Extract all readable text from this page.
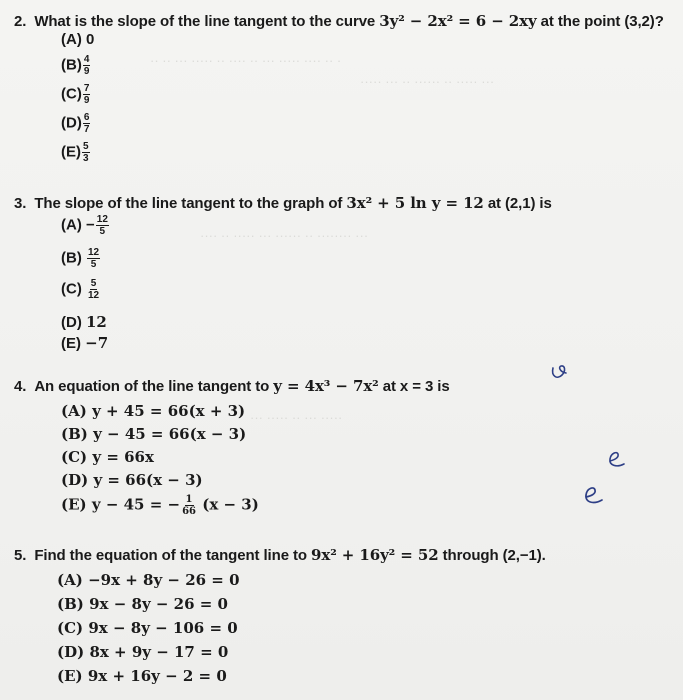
·· ·· ··· ····· ·· ···· ·· ··· ····· ···· ·· ·
····· ··· ·· ······ ·· ····· ···
···· ·· ····· ··· ······ ·· ········ ···
··· ····· ·· ··· ·····
2. What is the slope of the line tangent to the curve 3y² − 2x² = 6 − 2xy at the point (3,2)?
(A) 0
$(B) \frac{4}{9}$
$(C) \frac{7}{9}$
$(D) \frac{6}{7}$
$(E) \frac{5}{3}$
3. The slope of the line tangent to the graph of 3x² + 5 ln y = 12 at (2,1) is
$(A) - \frac{12}{5}$
$(B) \frac{12}{5}$
$(C) \frac{5}{12}$
(D) 12
(E) −7
4. An equation of the line tangent to y = 4x³ − 7x² at x = 3 is
(A) y + 45 = 66(x + 3)
(B) y − 45 = 66(x − 3)
(C) y = 66x
(D) y = 66(x − 3)
(E) y − 45 = − $\frac{1}{66} (x - 3)$
5. Find the equation of the tangent line to 9x² + 16y² = 52 through (2,−1).
(A) −9x + 8y − 26 = 0
(B) 9x − 8y − 26 = 0
(C) 9x − 8y − 106 = 0
(D) 8x + 9y − 17 = 0
(E) 9x + 16y − 2 = 0
